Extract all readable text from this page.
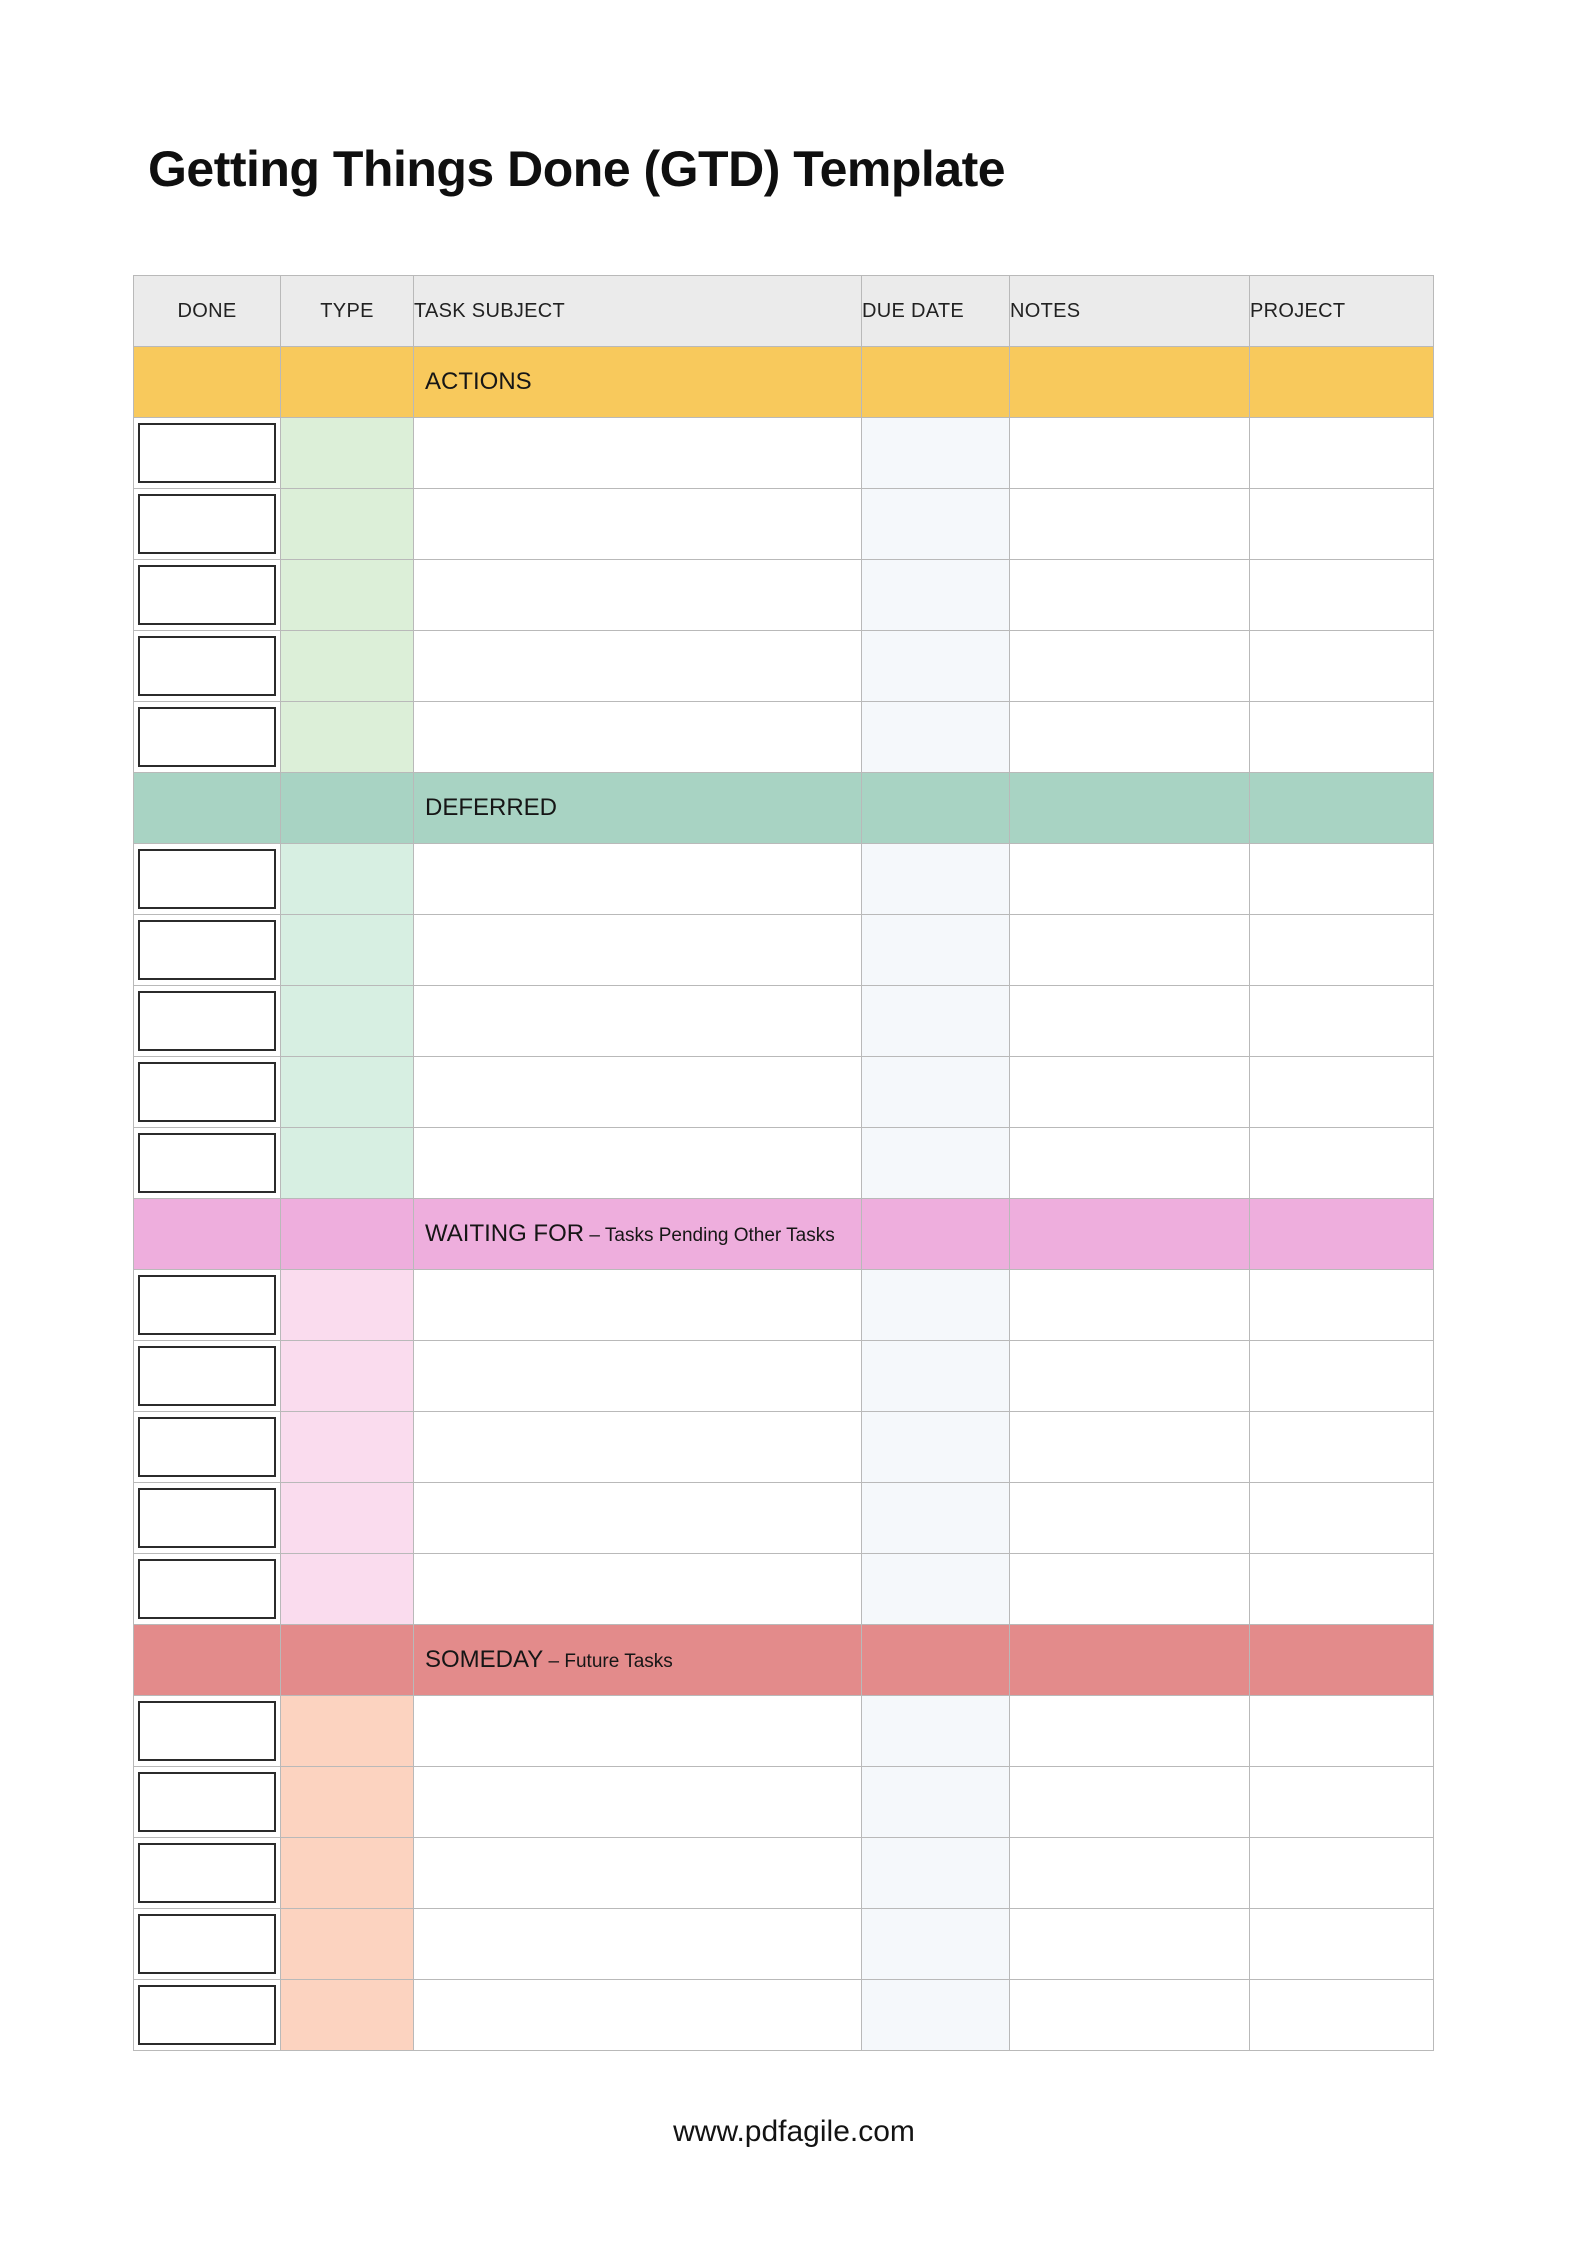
Getting Things Done (GTD) Template
DONE	TYPE	TASK SUBJECT	DUE DATE	NOTES	PROJECT
		ACTIONS			

		DEFERRED			

		WAITING FOR – Tasks Pending Other Tasks			

		SOMEDAY – Future Tasks			

www.pdfagile.com
